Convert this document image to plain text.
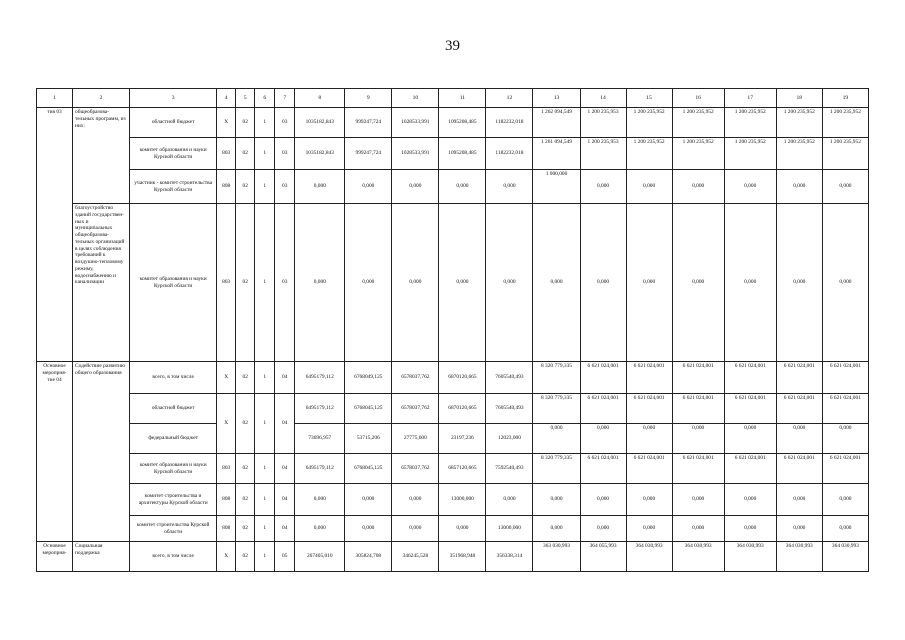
39
1	2	3	4	5	6	7	8	9	10	11	12	13	14	15	16	17	18	19
тия 03	общеобразова-тельных программ, из них:	областной бюджет	X	02	1	03	1035182,843	999247,724	1028533,991	1095208,485	1182232,018	1 262 094,549	1 200 235,953	1 200 235,952	1 200 235,952	1 200 235,952	1 200 235,952	1 200 235,952
		комитет образования и науки Курской области	803	02	1	03	1035182,843	999247,724	1028533,991	1095208,485	1182232,018	1 261 094,549	1 200 235,953	1 200 235,952	1 200 235,952	1 200 235,952	1 200 235,952	1 200 235,952
		участник - комитет строительства Курской области	808	02	1	03	0,000	0,000	0,000	0,000	0,000	1 000,000	0,000	0,000	0,000	0,000	0,000	0,000
	благоустройство зданий государствен-ных и муниципальных общеобразова-тельных организаций в целях соблюдения требований к воздушно-тепловому режиму, водоснабжению и канализации	комитет образования и науки Курской области	803	02	1	03	0,000	0,000	0,000	0,000	0,000	0,000	0,000	0,000	0,000	0,000	0,000	0,000
Основное мероприя-тие 04	Содействие развитию общего образования	всего, в том числе	X	02	1	04	6495179,112	6768049,125	6578037,762	6870120,665	7605540,493	8 320 779,335	6 621 024,001	6 621 024,001	6 621 024,001	6 621 024,001	6 621 024,001	6 621 024,001
		областной бюджет	X	02	1	04	6495179,112	6768045,125	6578037,762	6870120,665	7605540,493	8 320 779,335	6 621 024,001	6 621 024,001	6 621 024,001	6 621 024,001	6 621 024,001	6 621 024,001
		федеральный бюджет					73696,957	53715,206	27775,600	23197,236	12023,000	0,000	0,000	0,000	0,000	0,000	0,000	0,000
		комитет образования и науки Курской области	803	02	1	04	6495179,112	6768045,125	6578037,762	6857120,665	7592540,493	8 320 779,335	6 621 024,001	6 621 024,001	6 621 024,001	6 621 024,001	6 621 024,001	6 621 024,001
		комитет строительства и архитектуры Курской области	808	02	1	04	0,000	0,000	0,000	13000,000	0,000	0,000	0,000	0,000	0,000	0,000	0,000	0,000
		комитет строительства Курской области	808	02	1	04	0,000	0,000	0,000	0,000	13000,000	0,000	0,000	0,000	0,000	0,000	0,000	0,000
Основное мероприя-	Социальная поддержка	всего, в том числе	X	02	1	05	267405,010	305824,708	346245,528	351968,948	356338,314	363 030,993	364 055,993	364 030,993	364 030,993	364 030,993	364 030,993	364 030,993
